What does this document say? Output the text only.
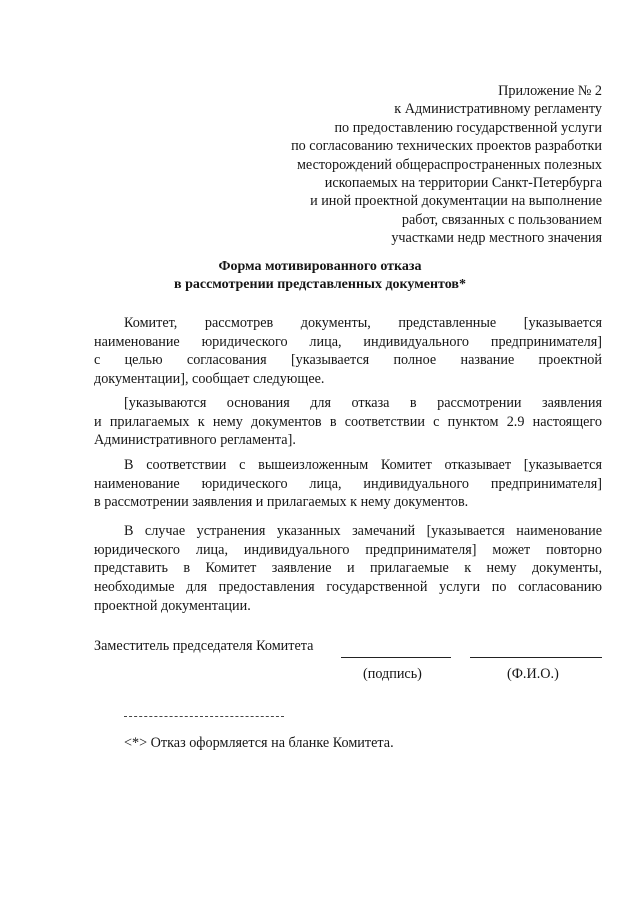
Приложение № 2
к Административному регламенту
по предоставлению государственной услуги
по согласованию технических проектов разработки
месторождений общераспространенных полезных
ископаемых на территории Санкт-Петербурга
и иной проектной документации на выполнение
работ, связанных с пользованием
участками недр местного значения
Форма мотивированного отказа
в рассмотрении представленных документов*
Комитет, рассмотрев документы, представленные [указывается
наименование юридического лица, индивидуального предпринимателя]
с целью согласования [указывается полное название проектной
документации], сообщает следующее.
[указываются основания для отказа в рассмотрении заявления
и прилагаемых к нему документов в соответствии с пунктом 2.9 настоящего
Административного регламента].
В соответствии с вышеизложенным Комитет отказывает [указывается
наименование юридического лица, индивидуального предпринимателя]
в рассмотрении заявления и прилагаемых к нему документов.
В случае устранения указанных замечаний [указывается наименование
юридического лица, индивидуального предпринимателя] может повторно
представить в Комитет заявление и прилагаемые к нему документы,
необходимые для предоставления государственной услуги по согласованию
проектной документации.
Заместитель председателя Комитета
(подпись)	(Ф.И.О.)
<*> Отказ оформляется на бланке Комитета.
